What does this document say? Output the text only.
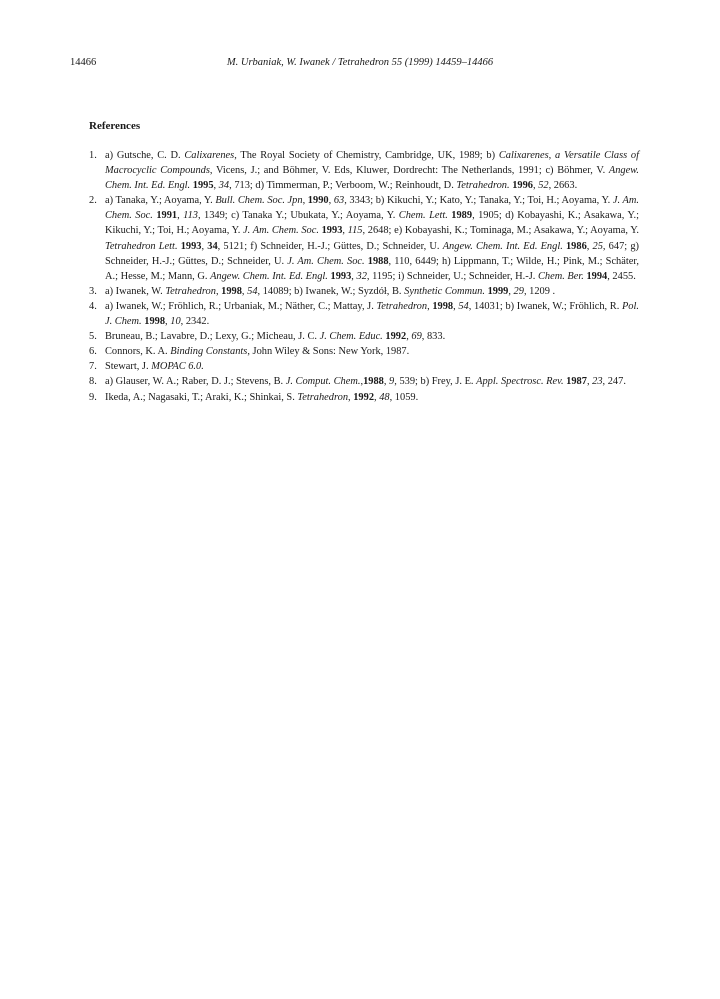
14466	M. Urbaniak, W. Iwanek / Tetrahedron 55 (1999) 14459–14466
References
1. a) Gutsche, C. D. Calixarenes, The Royal Society of Chemistry, Cambridge, UK, 1989; b) Calixarenes, a Versatile Class of Macrocyclic Compounds, Vicens, J.; and Böhmer, V. Eds, Kluwer, Dordrecht: The Netherlands, 1991; c) Böhmer, V. Angew. Chem. Int. Ed. Engl. 1995, 34, 713; d) Timmerman, P.; Verboom, W.; Reinhoudt, D. Tetrahedron. 1996, 52, 2663.
2. a) Tanaka, Y.; Aoyama, Y. Bull. Chem. Soc. Jpn, 1990, 63, 3343; b) Kikuchi, Y.; Kato, Y.; Tanaka, Y.; Toi, H.; Aoyama, Y. J. Am. Chem. Soc. 1991, 113, 1349; c) Tanaka Y.; Ubukata, Y.; Aoyama, Y. Chem. Lett. 1989, 1905; d) Kobayashi, K.; Asakawa, Y.; Kikuchi, Y.; Toi, H.; Aoyama, Y. J. Am. Chem. Soc. 1993, 115, 2648; e) Kobayashi, K.; Tominaga, M.; Asakawa, Y.; Aoyama, Y. Tetrahedron Lett. 1993, 34, 5121; f) Schneider, H.-J.; Güttes, D.; Schneider, U. Angew. Chem. Int. Ed. Engl. 1986, 25, 647; g) Schneider, H.-J.; Güttes, D.; Schneider, U. J. Am. Chem. Soc. 1988, 110, 6449; h) Lippmann, T.; Wilde, H.; Pink, M.; Schäter, A.; Hesse, M.; Mann, G. Angew. Chem. Int. Ed. Engl. 1993, 32, 1195; i) Schneider, U.; Schneider, H.-J. Chem. Ber. 1994, 2455.
3. a) Iwanek, W. Tetrahedron, 1998, 54, 14089; b) Iwanek, W.; Syzdół, B. Synthetic Commun. 1999, 29, 1209 .
4. a) Iwanek, W.; Fröhlich, R.; Urbaniak, M.; Näther, C.; Mattay, J. Tetrahedron, 1998, 54, 14031; b) Iwanek, W.; Fröhlich, R. Pol. J. Chem. 1998, 10, 2342.
5. Bruneau, B.; Lavabre, D.; Lexy, G.; Micheau, J. C. J. Chem. Educ. 1992, 69, 833.
6. Connors, K. A. Binding Constants, John Wiley & Sons: New York, 1987.
7. Stewart, J. MOPAC 6.0.
8. a) Glauser, W. A.; Raber, D. J.; Stevens, B. J. Comput. Chem.,1988, 9, 539; b) Frey, J. E. Appl. Spectrosc. Rev. 1987, 23, 247.
9. Ikeda, A.; Nagasaki, T.; Araki, K.; Shinkai, S. Tetrahedron, 1992, 48, 1059.
